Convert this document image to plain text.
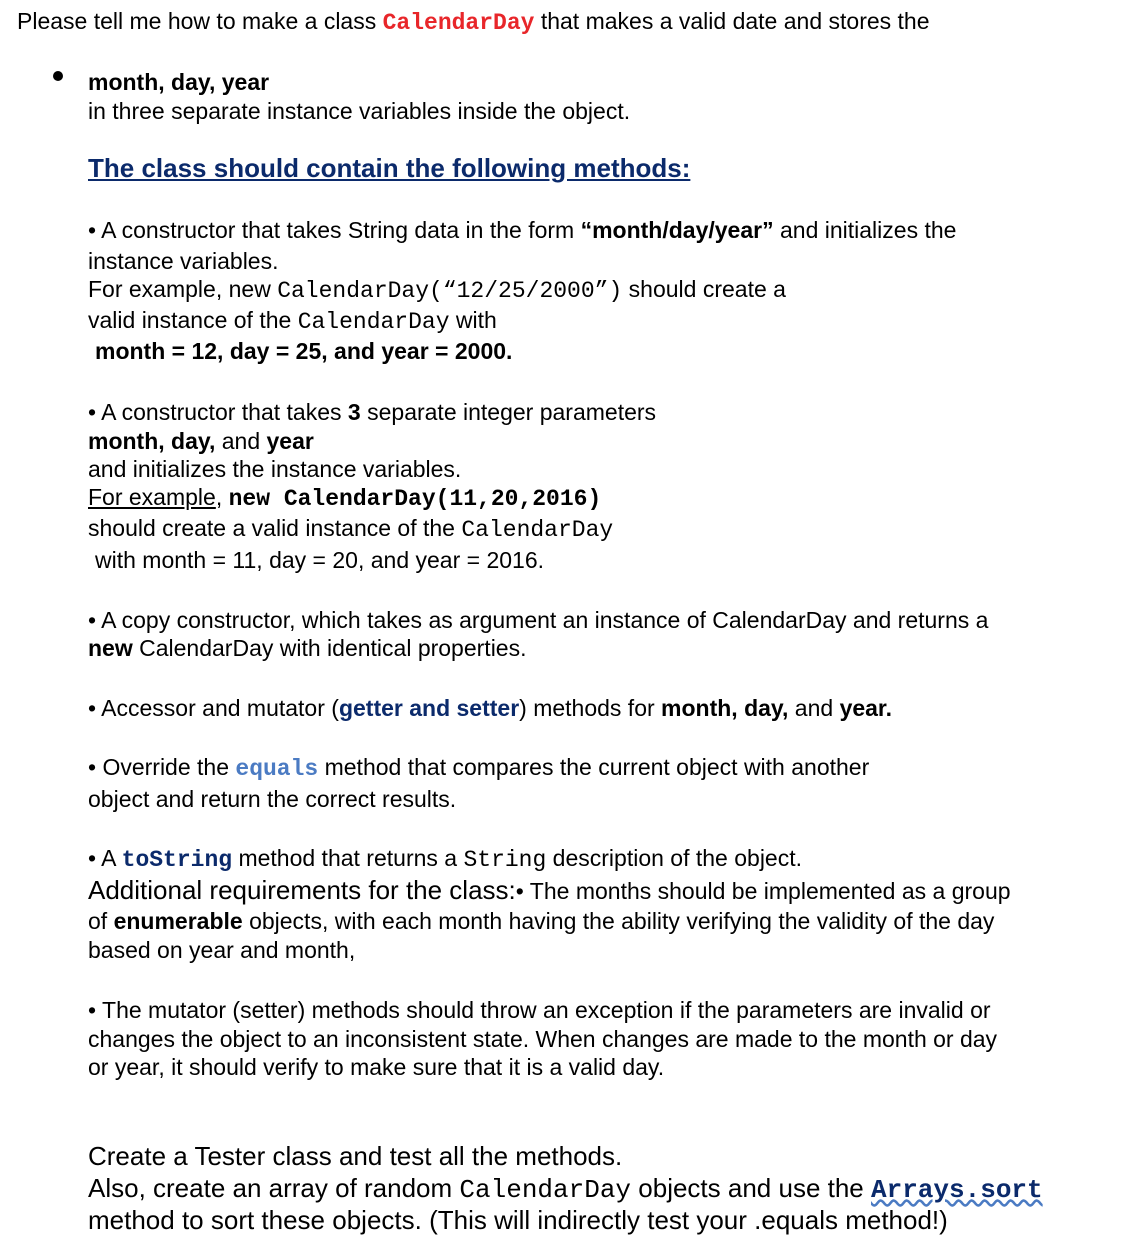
Please tell me how to make a class CalendarDay that makes a valid date and stores the
month, day, year
in three separate instance variables inside the object.
The class should contain the following methods:
• A constructor that takes String data in the form “month/day/year” and initializes the
instance variables.
For example, new CalendarDay(“12/25/2000”) should create a
valid instance of the CalendarDay with
month = 12, day = 25, and year = 2000.
• A constructor that takes 3 separate integer parameters
month, day, and year
and initializes the instance variables.
For example, new CalendarDay(11,20,2016)
should create a valid instance of the CalendarDay
with month = 11, day = 20, and year = 2016.
• A copy constructor, which takes as argument an instance of CalendarDay and returns a
new CalendarDay with identical properties.
• Accessor and mutator (getter and setter) methods for month, day, and year.
• Override the equals method that compares the current object with another
object and return the correct results.
• A toString method that returns a String description of the object.
Additional requirements for the class:• The months should be implemented as a group
of enumerable objects, with each month having the ability verifying the validity of the day
based on year and month,
• The mutator (setter) methods should throw an exception if the parameters are invalid or
changes the object to an inconsistent state. When changes are made to the month or day
or year, it should verify to make sure that it is a valid day.
Create a Tester class and test all the methods.
Also, create an array of random CalendarDay objects and use the Arrays.sort
method to sort these objects. (This will indirectly test your .equals method!)
